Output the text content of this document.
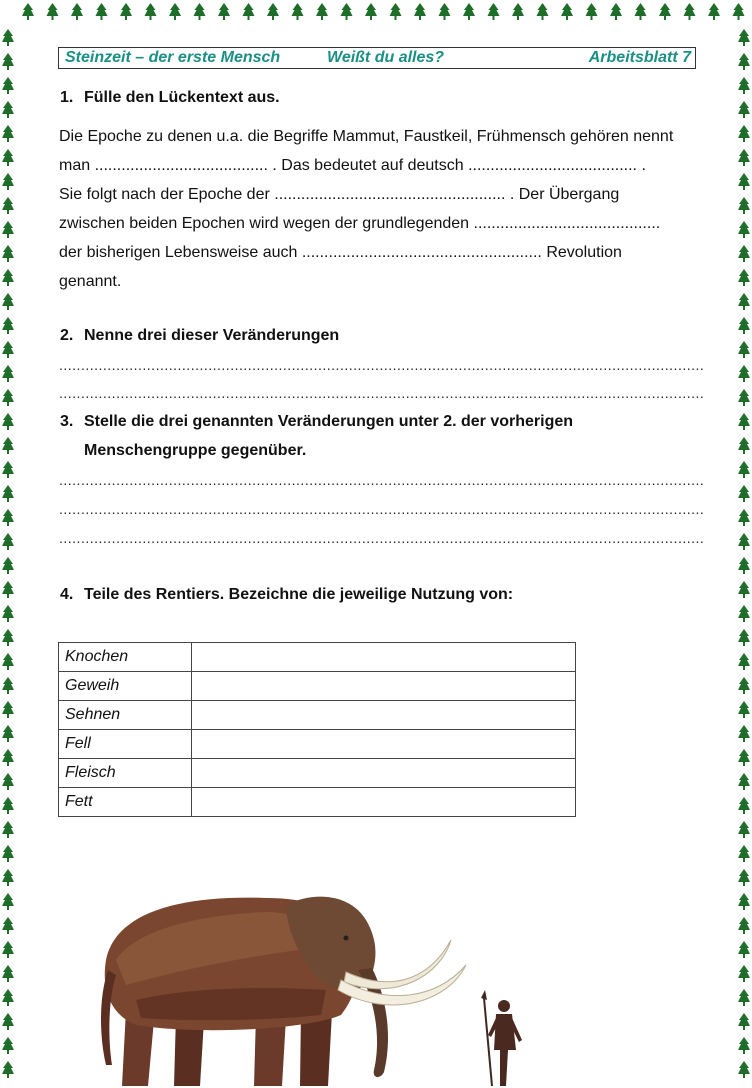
Steinzeit – der erste Mensch	Weißt du alles?	Arbeitsblatt 7
1. Fülle den Lückentext aus.
Die Epoche zu denen u.a. die Begriffe Mammut, Faustkeil, Frühmensch gehören nennt
man ....................................... . Das bedeutet auf deutsch ...................................... .
Sie folgt nach der Epoche der .................................................... . Der Übergang
zwischen beiden Epochen wird wegen der grundlegenden ..........................................
der bisherigen Lebensweise auch ...................................................... Revolution
genannt.
2. Nenne drei dieser Veränderungen
...................................................................................................................................................
...................................................................................................................................................
3. Stelle die drei genannten Veränderungen unter 2. der vorherigen
Menschengruppe gegenüber.
...................................................................................................................................................
...................................................................................................................................................
...................................................................................................................................................
4. Teile des Rentiers. Bezeichne die jeweilige Nutzung von:
Knochen	
Geweih	
Sehnen	
Fell	
Fleisch	
Fett	
